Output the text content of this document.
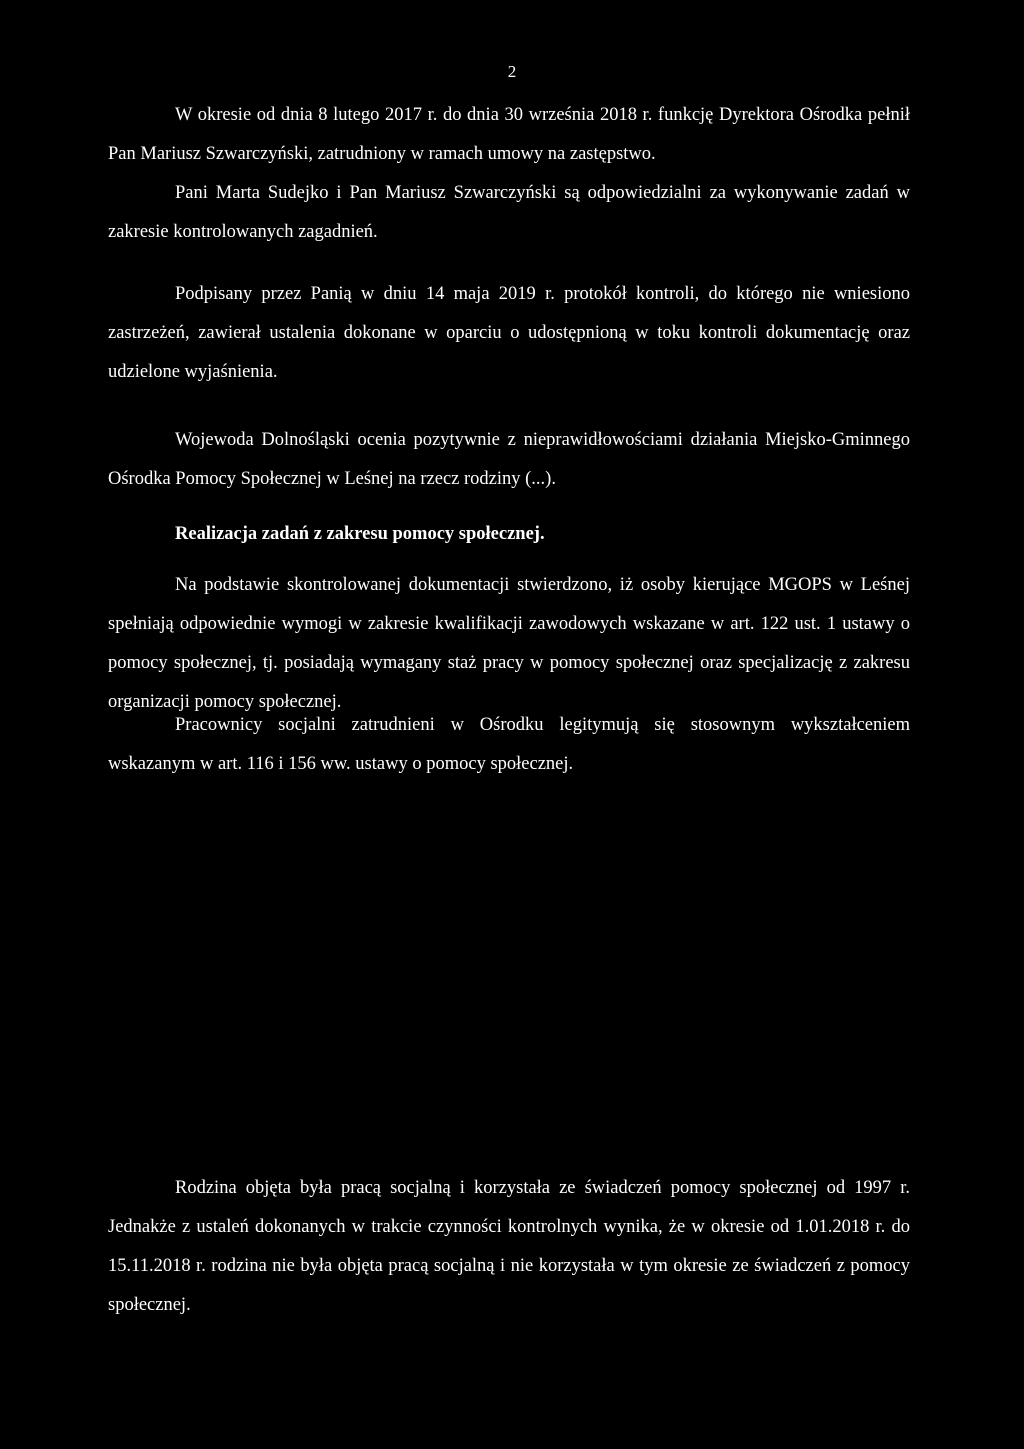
2

W okresie od dnia 8 lutego 2017 r. do dnia 30 września 2018 r. funkcję Dyrektora Ośrodka pełnił Pan Mariusz Szwarczyński, zatrudniony w ramach umowy na zastępstwo.

Pani Marta Sudejko i Pan Mariusz Szwarczyński są odpowiedzialni za wykonywanie zadań w zakresie kontrolowanych zagadnień.

Podpisany przez Panią w dniu 14 maja 2019 r. protokół kontroli, do którego nie wniesiono zastrzeżeń, zawierał ustalenia dokonane w oparciu o udostępnioną w toku kontroli dokumentację oraz udzielone wyjaśnienia.

Wojewoda Dolnośląski ocenia pozytywnie z nieprawidłowościami działania Miejsko-Gminnego Ośrodka Pomocy Społecznej w Leśnej na rzecz rodziny (...).

Realizacja zadań z zakresu pomocy społecznej.

Na podstawie skontrolowanej dokumentacji stwierdzono, iż osoby kierujące MGOPS w Leśnej spełniają odpowiednie wymogi w zakresie kwalifikacji zawodowych wskazane w art. 122 ust. 1 ustawy o pomocy społecznej, tj. posiadają wymagany staż pracy w pomocy społecznej oraz specjalizację z zakresu organizacji pomocy społecznej.

Pracownicy socjalni zatrudnieni w Ośrodku legitymują się stosownym wykształceniem wskazanym w art. 116 i 156 ww. ustawy o pomocy społecznej.

Rodzina objęta była pracą socjalną i korzystała ze świadczeń pomocy społecznej od 1997 r. Jednakże z ustaleń dokonanych w trakcie czynności kontrolnych wynika, że w okresie od 1.01.2018 r. do 15.11.2018 r. rodzina nie była objęta pracą socjalną i nie korzystała w tym okresie ze świadczeń z pomocy społecznej.
